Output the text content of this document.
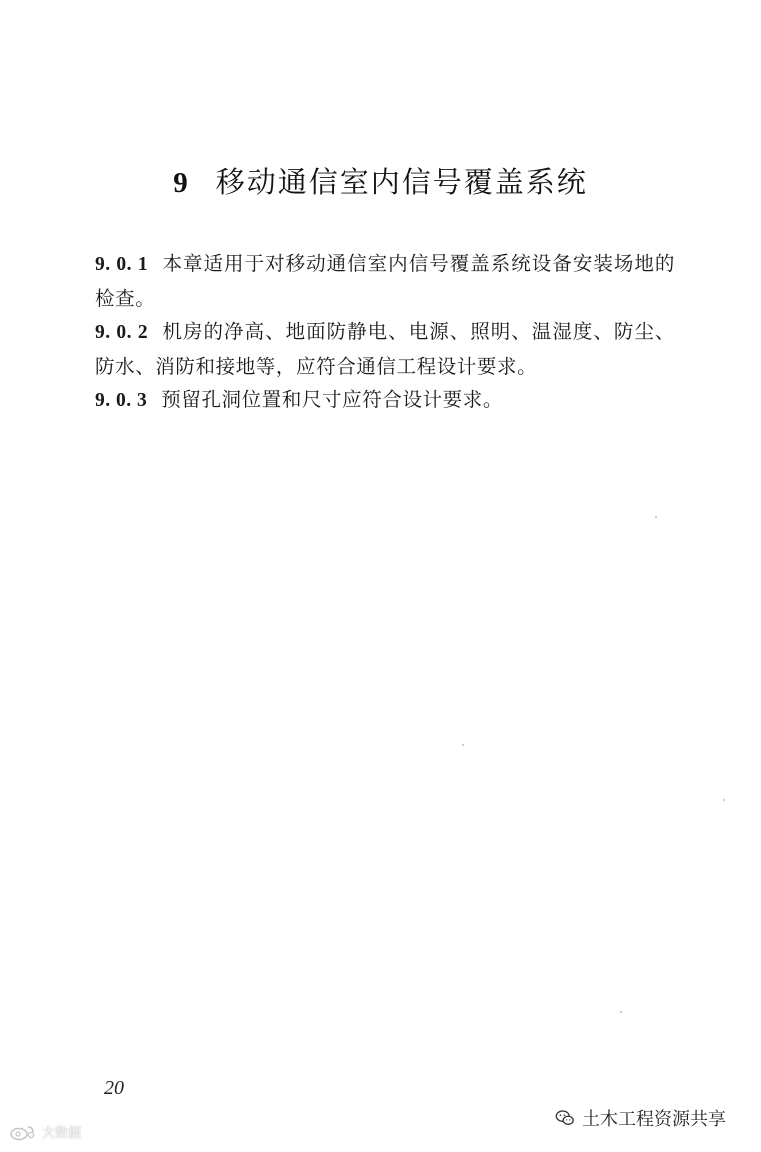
9 移动通信室内信号覆盖系统

9. 0. 1 本章适用于对移动通信室内信号覆盖系统设备安装场地的检查。

9. 0. 2 机房的净高、地面防静电、电源、照明、温湿度、防尘、防水、消防和接地等，应符合通信工程设计要求。

9. 0. 3 预留孔洞位置和尺寸应符合设计要求。

20
土木工程资源共享
大数据
